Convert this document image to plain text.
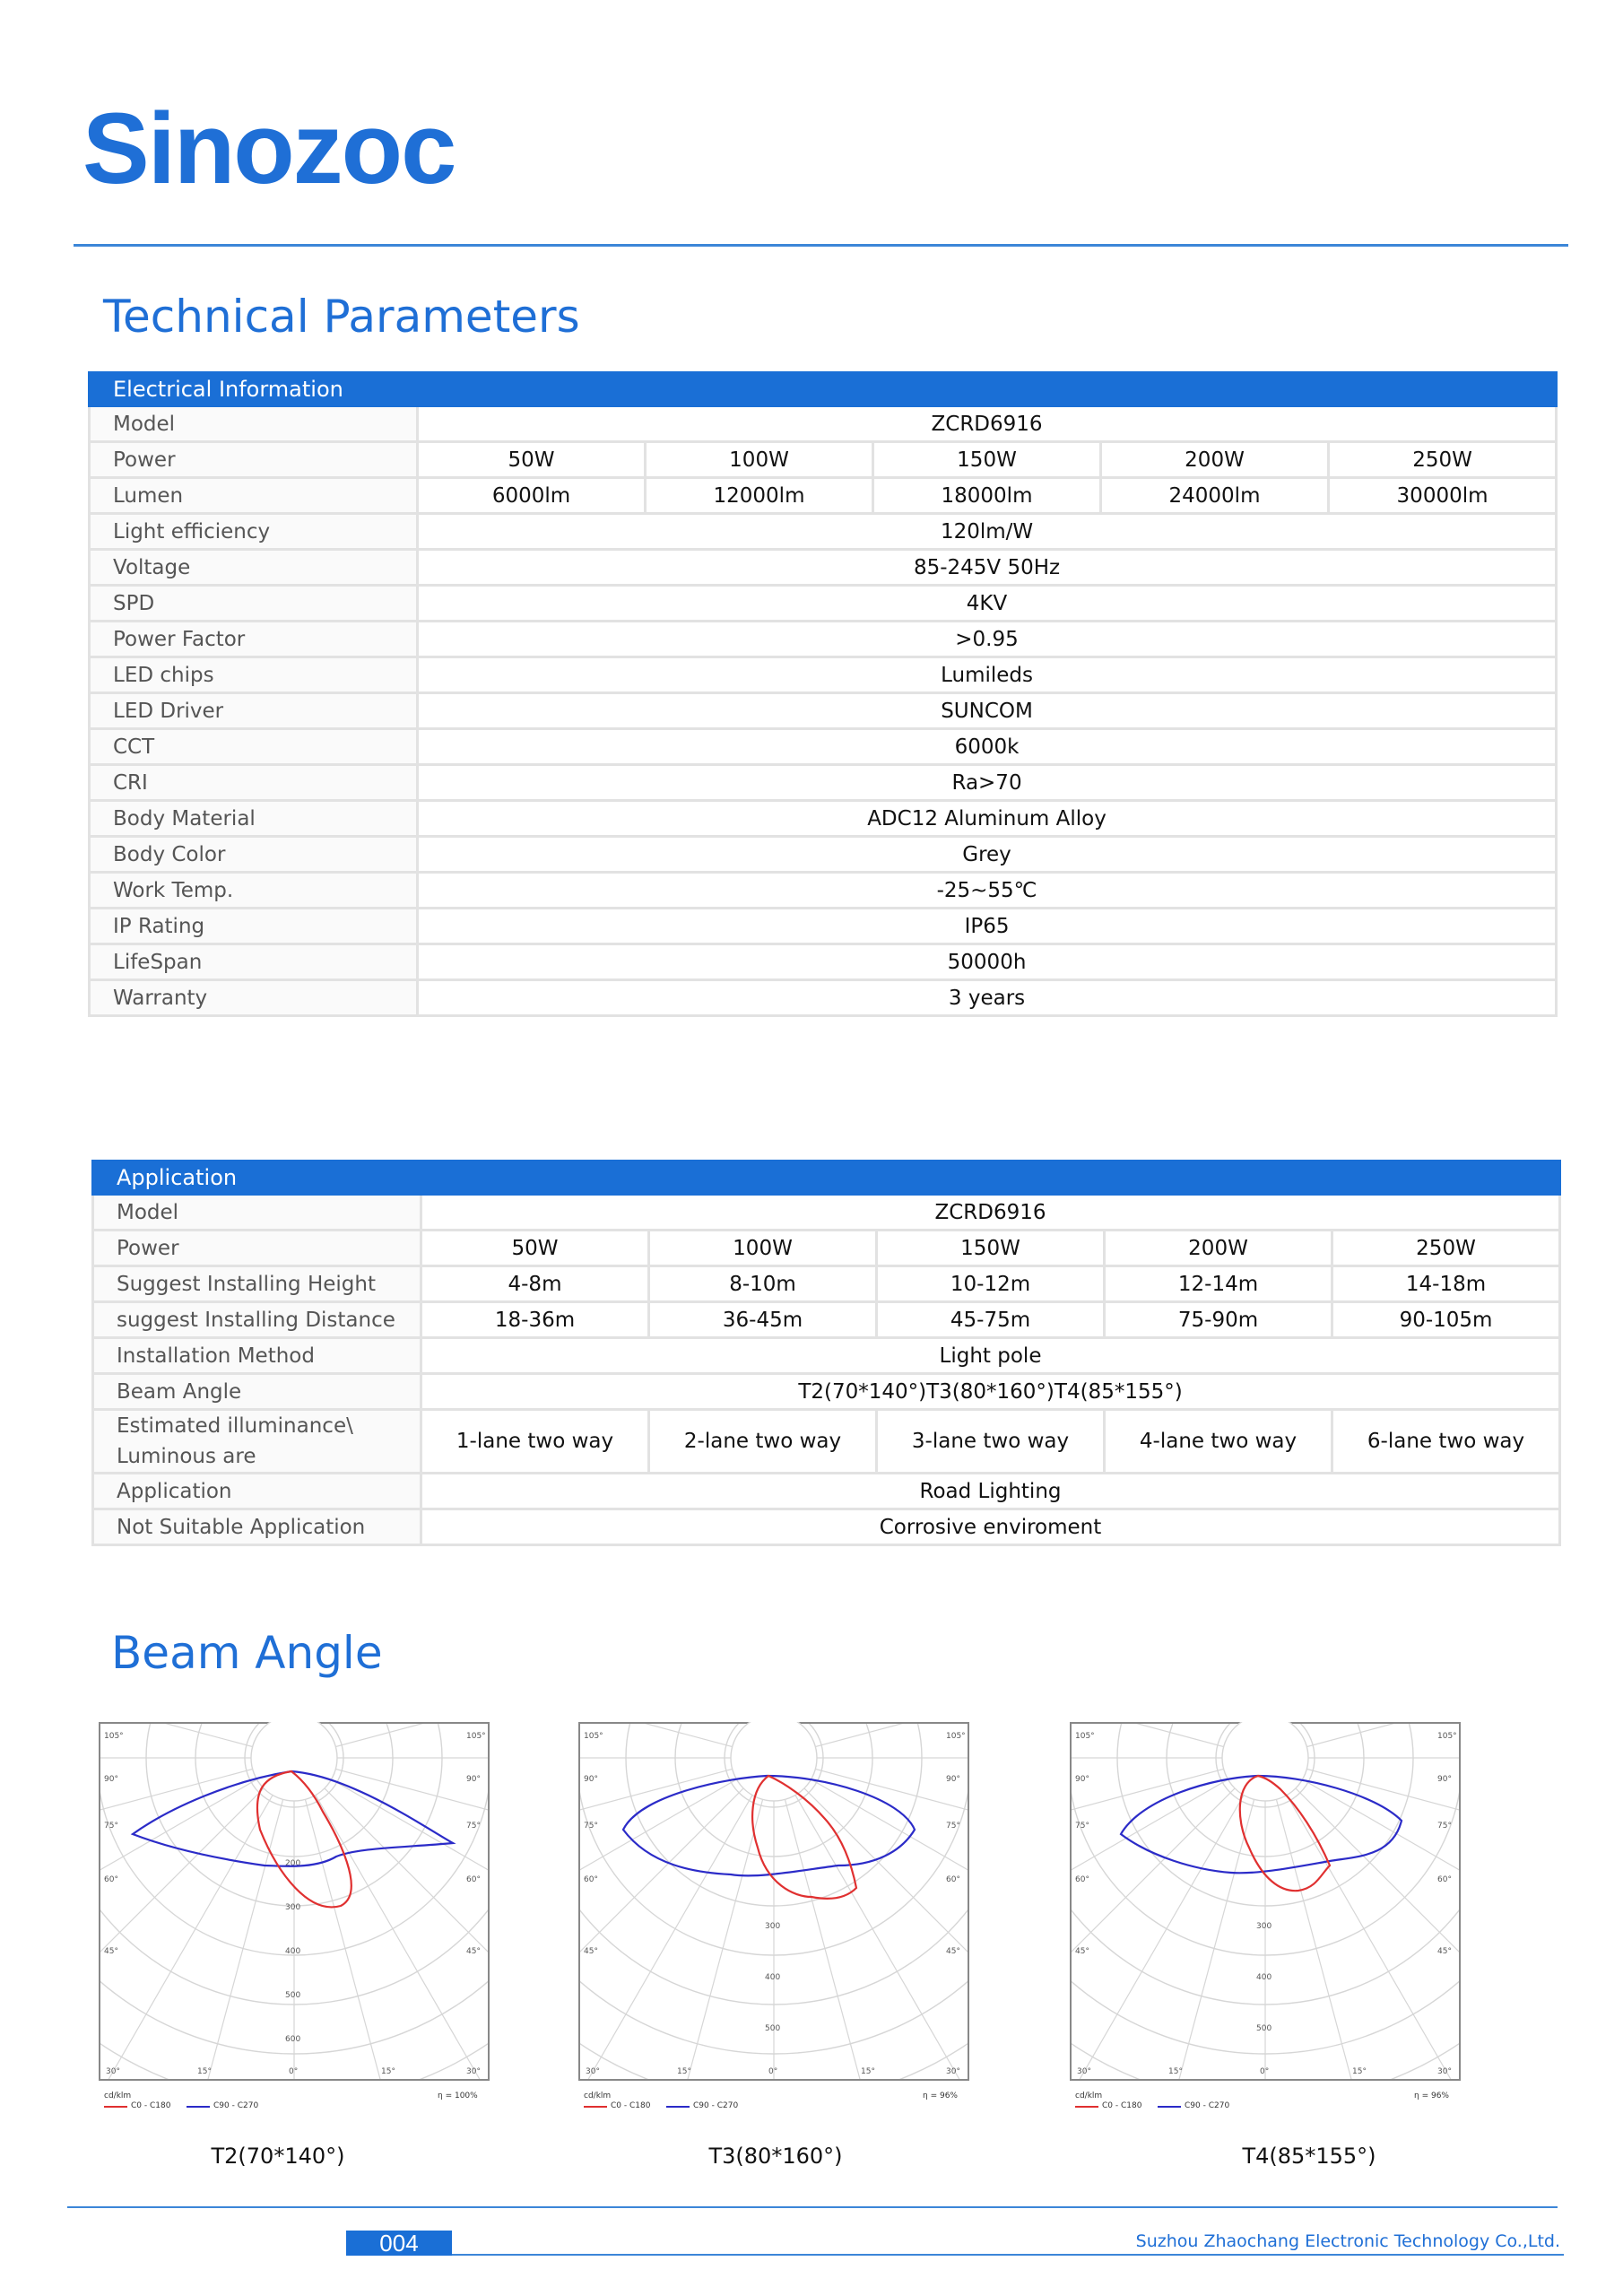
Sinozoc
Technical Parameters
Electrical Information					
Model	ZCRD6916				
Power	50W	100W	150W	200W	250W
Lumen	6000lm	12000lm	18000lm	24000lm	30000lm
Light efficiency	120lm/W				
Voltage	85-245V 50Hz				
SPD	4KV				
Power Factor	>0.95				
LED chips	Lumileds				
LED Driver	SUNCOM				
CCT	6000k				
CRI	Ra>70				
Body Material	ADC12 Aluminum Alloy				
Body Color	Grey				
Work Temp.	-25~55℃				
IP Rating	IP65				
LifeSpan	50000h				
Warranty	3 years				
Application					
Model	ZCRD6916				
Power	50W	100W	150W	200W	250W
Suggest Installing Height	4-8m	8-10m	10-12m	12-14m	14-18m
suggest Installing Distance	18-36m	36-45m	45-75m	75-90m	90-105m
Installation Method	Light pole				
Beam Angle	T2(70*140°)T3(80*160°)T4(85*155°)				
Estimated illuminance\
Luminous are	1-lane two way	2-lane two way	3-lane two way	4-lane two way	6-lane two way
Application	Road Lighting				
Not Suitable Application	Corrosive enviroment				
Beam Angle
105°	105°
90°	90°
75°	75°
60°	60°
45°	45°
30°	15°	0°	15°	30°
200
300
400
500
600
105°	105°
90°	90°
75°	75°
60°	60°
45°	45°
30°	15°	0°	15°	30°
300
400
500
105°	105°
90°	90°
75°	75°
60°	60°
45°	45°
30°	15°	0°	15°	30°
300
400
500
cd/klm
C0 - C180	C90 - C270
η = 100%	cd/klm
C0 - C180	C90 - C270
η = 96%	cd/klm
C0 - C180	C90 - C270
η = 96%
T2(70*140°)	T3(80*160°)	T4(85*155°)
004	Suzhou Zhaochang Electronic Technology Co.,Ltd.
